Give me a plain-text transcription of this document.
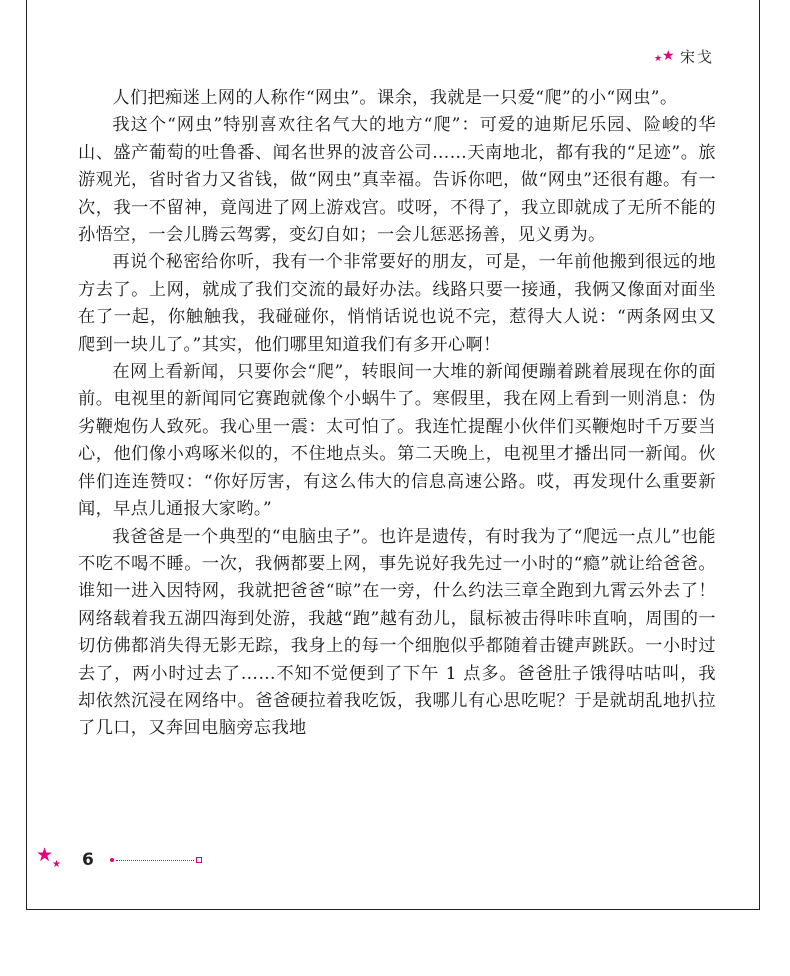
★ ★ 宋戈

人们把痴迷上网的人称作“网虫”。课余，我就是一只爱“爬”的小“网虫”。

我这个“网虫”特别喜欢往名气大的地方“爬”：可爱的迪斯尼乐园、险峻的华山、盛产葡萄的吐鲁番、闻名世界的波音公司……天南地北，都有我的“足迹”。旅游观光，省时省力又省钱，做“网虫”真幸福。告诉你吧，做“网虫”还很有趣。有一次，我一不留神，竟闯进了网上游戏宫。哎呀，不得了，我立即就成了无所不能的孙悟空，一会儿腾云驾雾，变幻自如；一会儿惩恶扬善，见义勇为。

再说个秘密给你听，我有一个非常要好的朋友，可是，一年前他搬到很远的地方去了。上网，就成了我们交流的最好办法。线路只要一接通，我俩又像面对面坐在了一起，你触触我，我碰碰你，悄悄话说也说不完，惹得大人说：“两条网虫又爬到一块儿了。”其实，他们哪里知道我们有多开心啊！

在网上看新闻，只要你会“爬”，转眼间一大堆的新闻便蹦着跳着展现在你的面前。电视里的新闻同它赛跑就像个小蜗牛了。寒假里，我在网上看到一则消息：伪劣鞭炮伤人致死。我心里一震：太可怕了。我连忙提醒小伙伴们买鞭炮时千万要当心，他们像小鸡啄米似的，不住地点头。第二天晚上，电视里才播出同一新闻。伙伴们连连赞叹：“你好厉害，有这么伟大的信息高速公路。哎，再发现什么重要新闻，早点儿通报大家哟。”

我爸爸是一个典型的“电脑虫子”。也许是遗传，有时我为了“爬远一点儿”也能不吃不喝不睡。一次，我俩都要上网，事先说好我先过一小时的“瘾”就让给爸爸。谁知一进入因特网，我就把爸爸“晾”在一旁，什么约法三章全跑到九霄云外去了！网络载着我五湖四海到处游，我越“跑”越有劲儿，鼠标被击得咔咔直响，周围的一切仿佛都消失得无影无踪，我身上的每一个细胞似乎都随着击键声跳跃。一小时过去了，两小时过去了……不知不觉便到了下午 1 点多。爸爸肚子饿得咕咕叫，我却依然沉浸在网络中。爸爸硬拉着我吃饭，我哪儿有心思吃呢？于是就胡乱地扒拉了几口，又奔回电脑旁忘我地

★
★ 6
